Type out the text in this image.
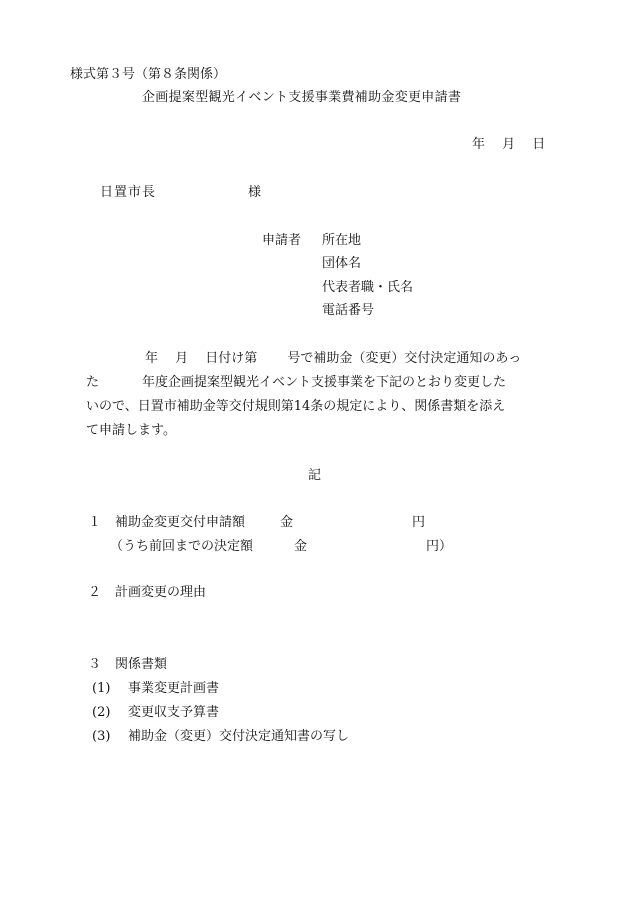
様式第３号（第８条関係）

企画提案型観光イベント支援事業費補助金変更申請書

年　 月　 日

日置市長	様

申請者 所在地

団体名

代表者職・氏名

電話番号

年　 月　 日付け第　　 号で補助金（変更）交付決定通知のあっ

た	年度企画提案型観光イベント支援事業を下記のとおり変更した

いので、日置市補助金等交付規則第14条の規定により、関係書類を添え

て申請します。

記

１ 補助金変更交付申請額	金	円

（うち前回までの決定額	金	円）

２ 計画変更の理由

３ 関係書類

(1) 事業変更計画書

(2) 変更収支予算書

(3) 補助金（変更）交付決定通知書の写し
